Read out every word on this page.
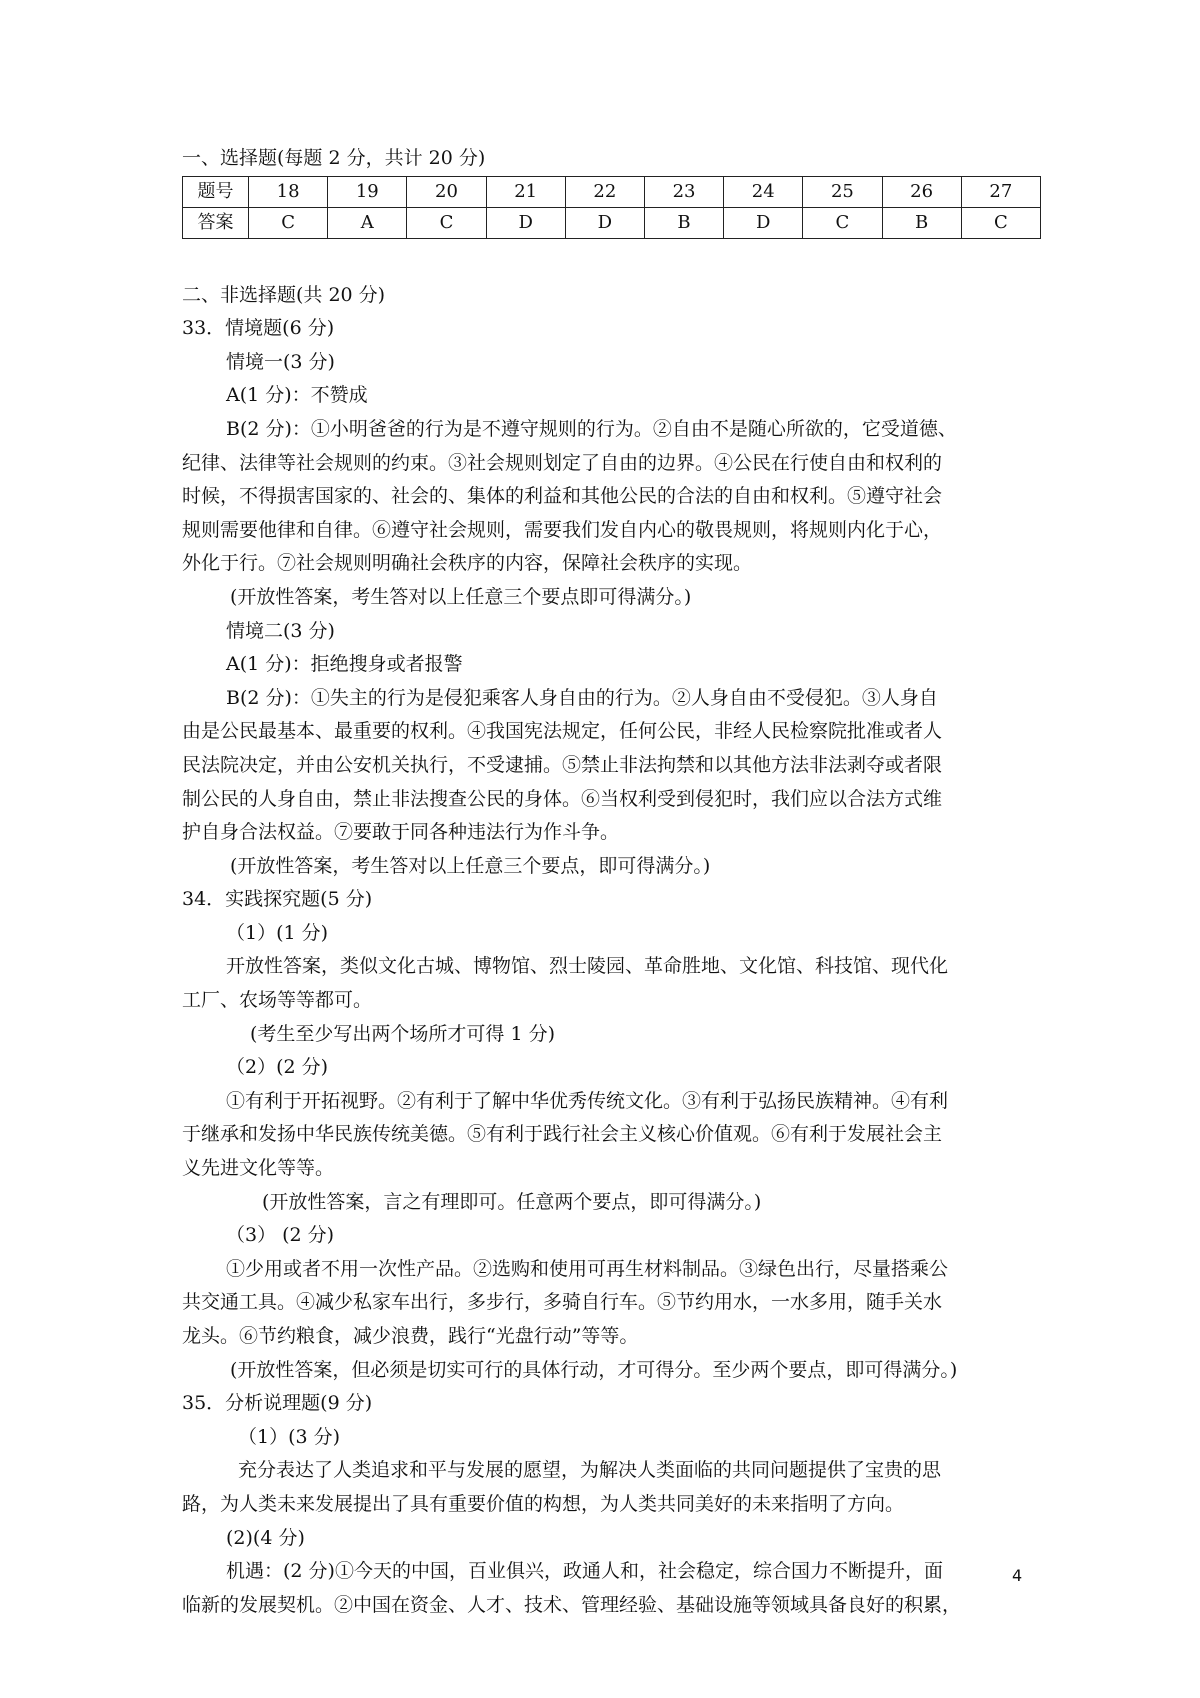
一、选择题(每题 2 分，共计 20 分)
题号	18	19	20	21	22	23	24	25	26	27
答案	C	A	C	D	D	B	D	C	B	C
二、非选择题(共 20 分)
33．情境题(6 分)
情境一(3 分)
A(1 分)：不赞成
B(2 分)：①小明爸爸的行为是不遵守规则的行为。②自由不是随心所欲的，它受道德、
纪律、法律等社会规则的约束。③社会规则划定了自由的边界。④公民在行使自由和权利的
时候，不得损害国家的、社会的、集体的利益和其他公民的合法的自由和权利。⑤遵守社会
规则需要他律和自律。⑥遵守社会规则，需要我们发自内心的敬畏规则，将规则内化于心，
外化于行。⑦社会规则明确社会秩序的内容，保障社会秩序的实现。
(开放性答案，考生答对以上任意三个要点即可得满分。)
情境二(3 分)
A(1 分)：拒绝搜身或者报警
B(2 分)：①失主的行为是侵犯乘客人身自由的行为。②人身自由不受侵犯。③人身自
由是公民最基本、最重要的权利。④我国宪法规定，任何公民，非经人民检察院批准或者人
民法院决定，并由公安机关执行，不受逮捕。⑤禁止非法拘禁和以其他方法非法剥夺或者限
制公民的人身自由，禁止非法搜查公民的身体。⑥当权利受到侵犯时，我们应以合法方式维
护自身合法权益。⑦要敢于同各种违法行为作斗争。
(开放性答案，考生答对以上任意三个要点，即可得满分。)
34．实践探究题(5 分)
（1）(1 分)
开放性答案，类似文化古城、博物馆、烈士陵园、革命胜地、文化馆、科技馆、现代化
工厂、农场等等都可。
(考生至少写出两个场所才可得 1 分)
（2）(2 分)
①有利于开拓视野。②有利于了解中华优秀传统文化。③有利于弘扬民族精神。④有利
于继承和发扬中华民族传统美德。⑤有利于践行社会主义核心价值观。⑥有利于发展社会主
义先进文化等等。
(开放性答案，言之有理即可。任意两个要点，即可得满分。)
（3） (2 分)
①少用或者不用一次性产品。②选购和使用可再生材料制品。③绿色出行，尽量搭乘公
共交通工具。④减少私家车出行，多步行，多骑自行车。⑤节约用水，一水多用，随手关水
龙头。⑥节约粮食，减少浪费，践行“光盘行动”等等。
(开放性答案，但必须是切实可行的具体行动，才可得分。至少两个要点，即可得满分。)
35．分析说理题(9 分)
（1）(3 分)
充分表达了人类追求和平与发展的愿望，为解决人类面临的共同问题提供了宝贵的思
路，为人类未来发展提出了具有重要价值的构想，为人类共同美好的未来指明了方向。
(2)(4 分)
机遇：(2 分)①今天的中国，百业俱兴，政通人和，社会稳定，综合国力不断提升，面
临新的发展契机。②中国在资金、人才、技术、管理经验、基础设施等领域具备良好的积累，
4
